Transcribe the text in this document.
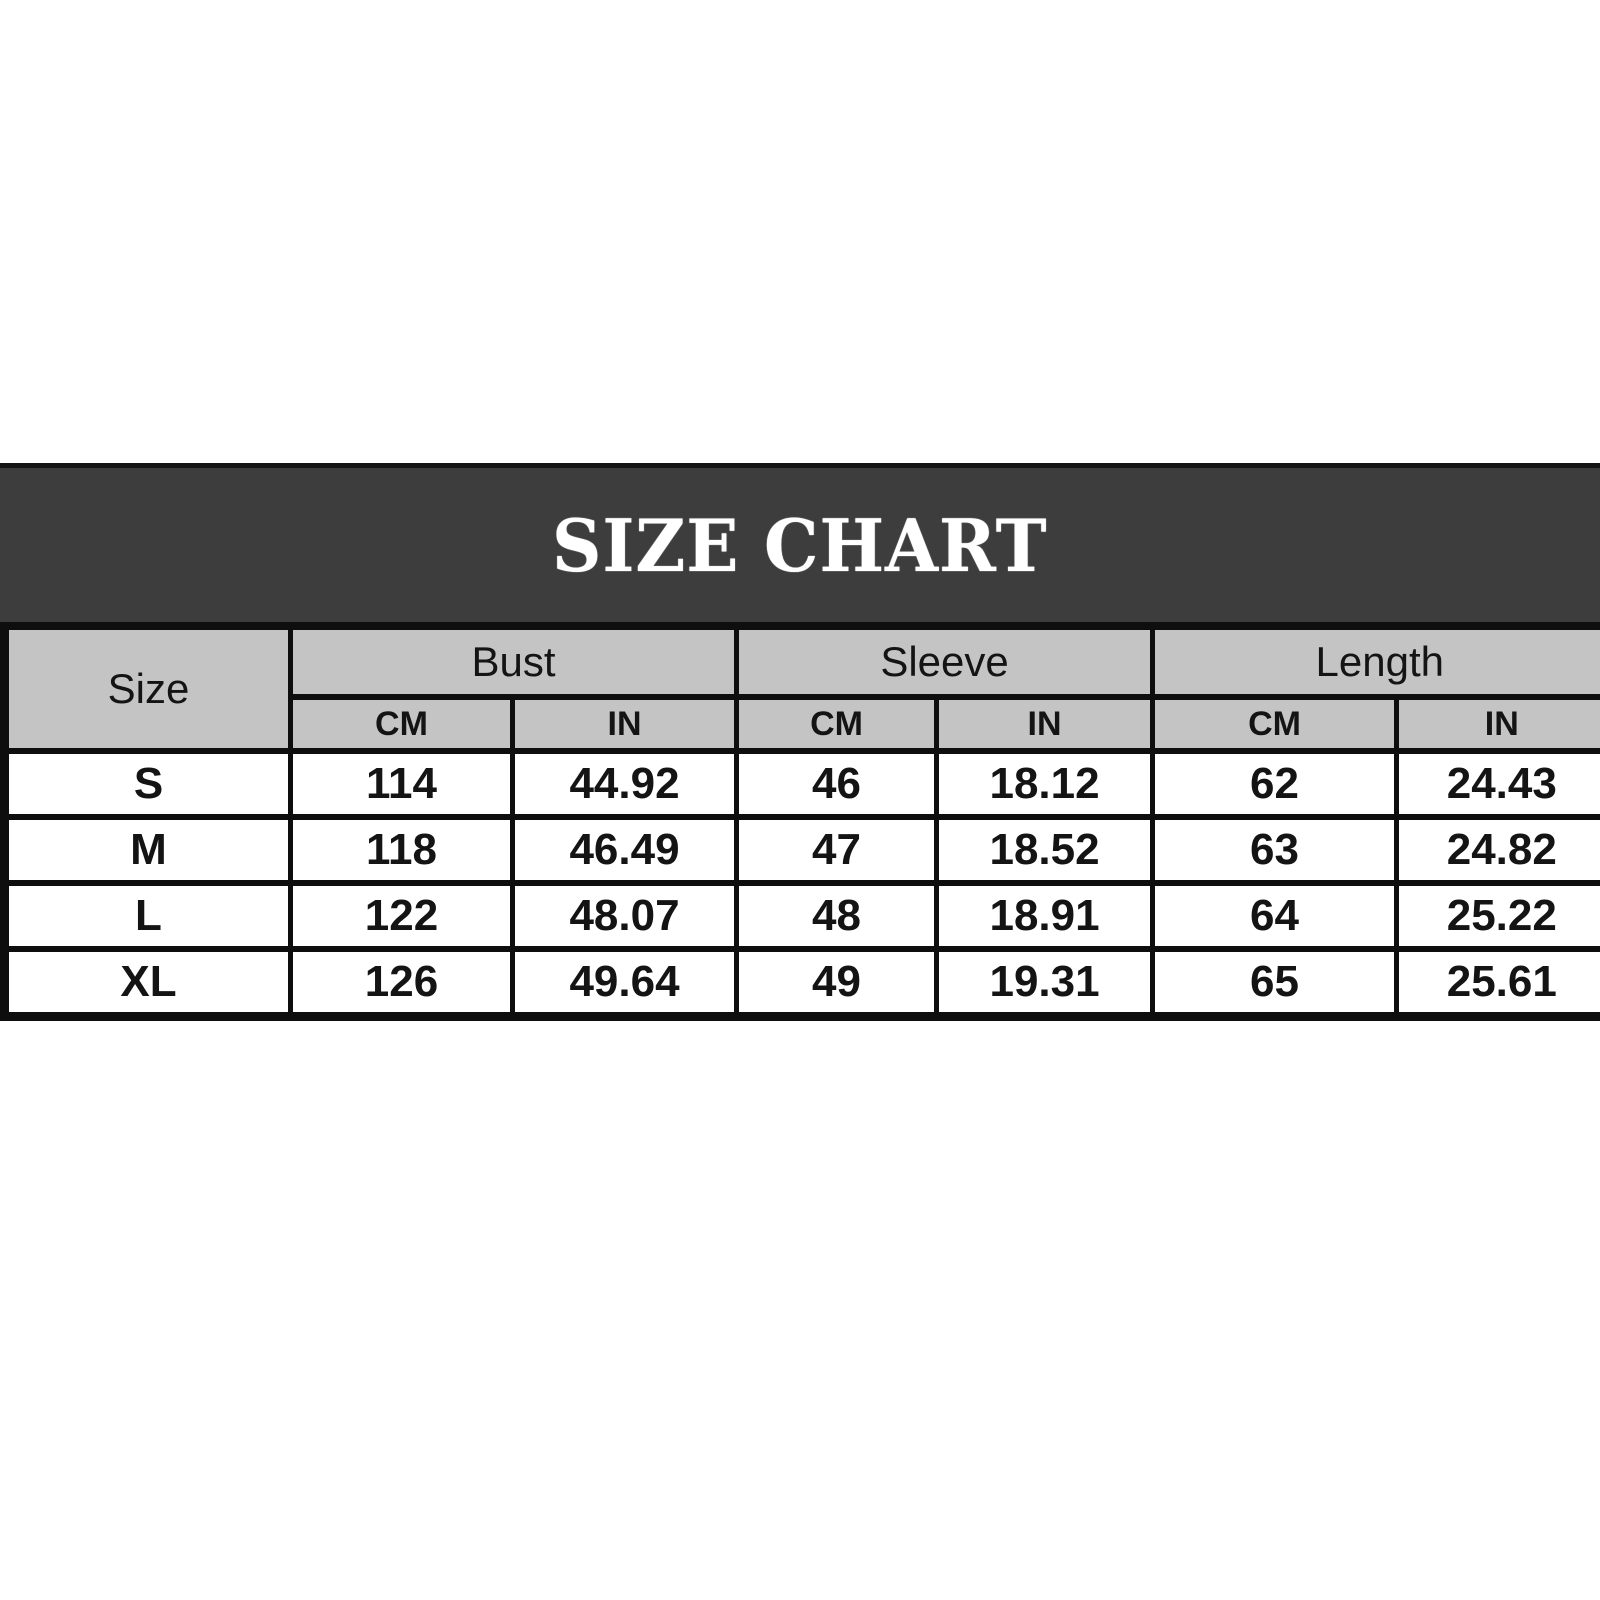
SIZE CHART
Size	Bust		Sleeve		Length	
	CM	IN	CM	IN	CM	IN
S	114	44.92	46	18.12	62	24.43
M	118	46.49	47	18.52	63	24.82
L	122	48.07	48	18.91	64	25.22
XL	126	49.64	49	19.31	65	25.61
